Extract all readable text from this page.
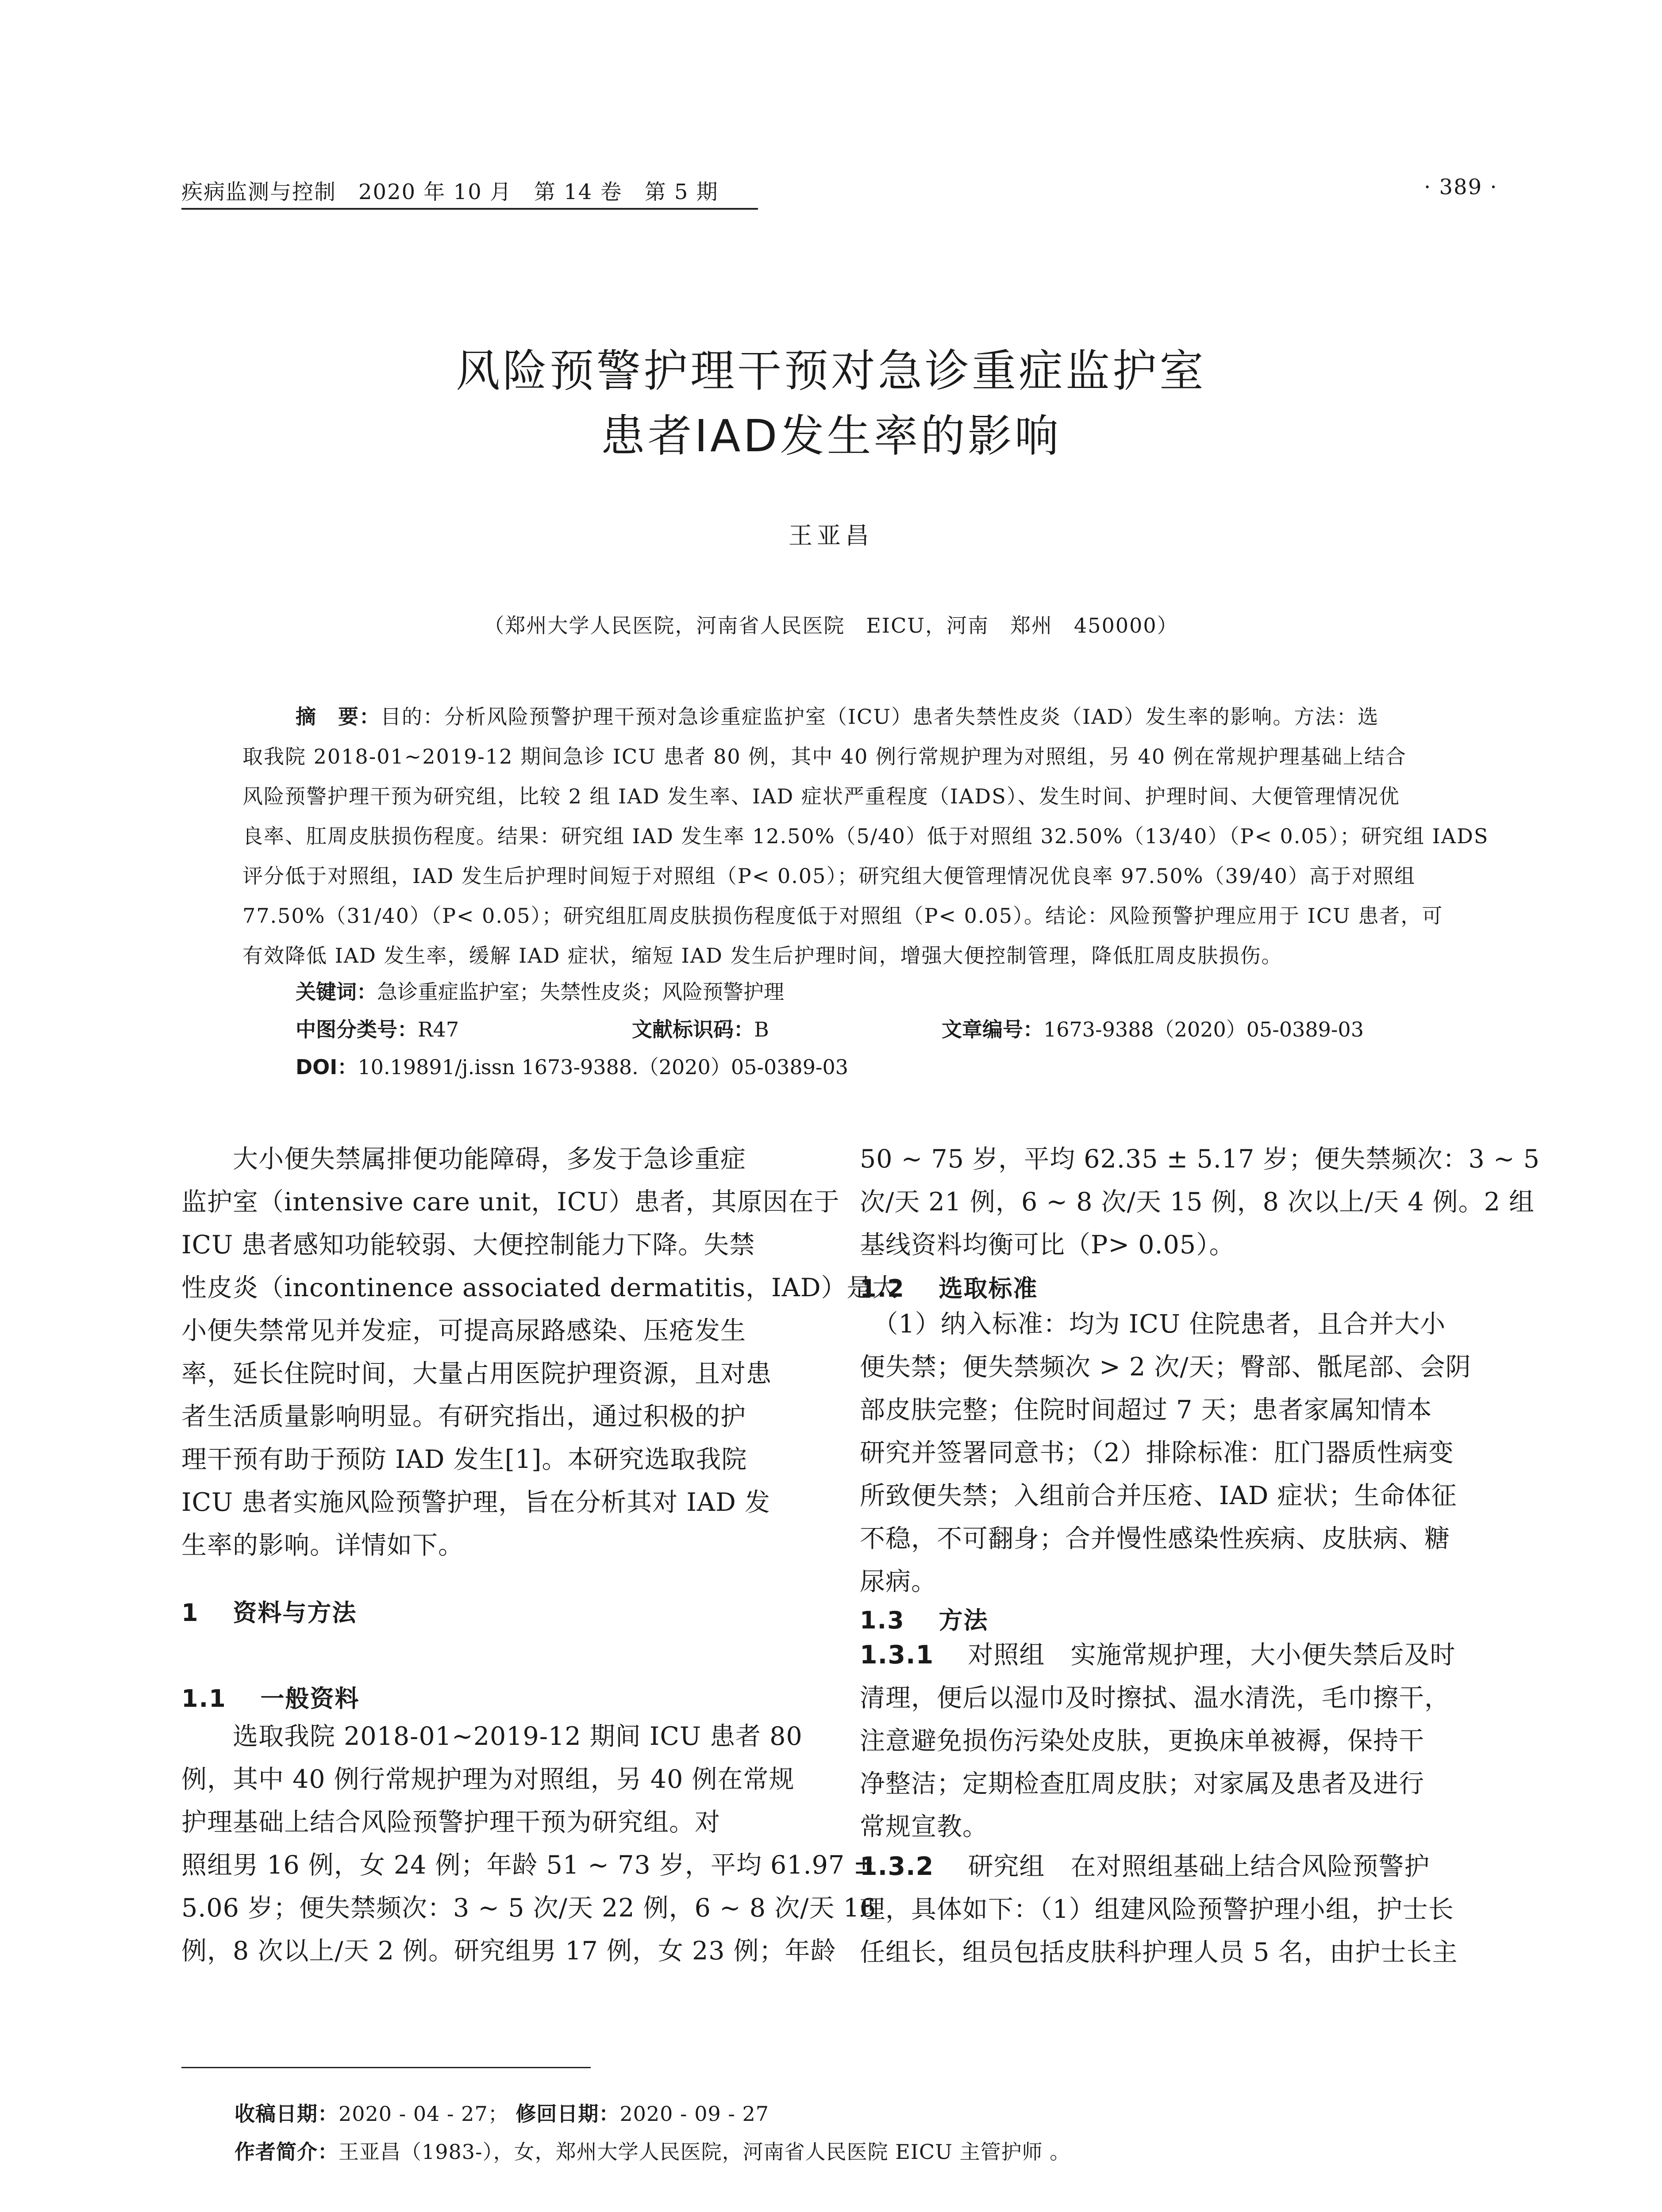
疾病监测与控制　2020 年 10 月　第 14 卷　第 5 期	· 389 ·
风险预警护理干预对急诊重症监护室
患者IAD发生率的影响
王亚昌
（郑州大学人民医院，河南省人民医院　EICU，河南　郑州　450000）
摘　要：目的：分析风险预警护理干预对急诊重症监护室（ICU）患者失禁性皮炎（IAD）发生率的影响。方法：选
取我院 2018-01~2019-12 期间急诊 ICU 患者 80 例，其中 40 例行常规护理为对照组，另 40 例在常规护理基础上结合
风险预警护理干预为研究组，比较 2 组 IAD 发生率、IAD 症状严重程度（IADS）、发生时间、护理时间、大便管理情况优
良率、肛周皮肤损伤程度。结果：研究组 IAD 发生率 12.50%（5/40）低于对照组 32.50%（13/40）（P< 0.05）；研究组 IADS
评分低于对照组，IAD 发生后护理时间短于对照组（P< 0.05）；研究组大便管理情况优良率 97.50%（39/40）高于对照组
77.50%（31/40）（P< 0.05）；研究组肛周皮肤损伤程度低于对照组（P< 0.05）。结论：风险预警护理应用于 ICU 患者，可
有效降低 IAD 发生率，缓解 IAD 症状，缩短 IAD 发生后护理时间，增强大便控制管理，降低肛周皮肤损伤。
关键词：急诊重症监护室；失禁性皮炎；风险预警护理
中图分类号：R47	文献标识码：B	文章编号：1673-9388（2020）05-0389-03
DOI：10.19891/j.issn 1673-9388.（2020）05-0389-03
　　大小便失禁属排便功能障碍，多发于急诊重症
监护室（intensive care unit，ICU）患者，其原因在于
ICU 患者感知功能较弱、大便控制能力下降。失禁
性皮炎（incontinence associated dermatitis，IAD）是大
小便失禁常见并发症，可提高尿路感染、压疮发生
率，延长住院时间，大量占用医院护理资源，且对患
者生活质量影响明显。有研究指出，通过积极的护
理干预有助于预防 IAD 发生[1]。本研究选取我院
ICU 患者实施风险预警护理，旨在分析其对 IAD 发
生率的影响。详情如下。
1　 资料与方法
1.1　 一般资料
　　选取我院 2018-01~2019-12 期间 ICU 患者 80
例，其中 40 例行常规护理为对照组，另 40 例在常规
护理基础上结合风险预警护理干预为研究组。对
照组男 16 例，女 24 例；年龄 51 ~ 73 岁，平均 61.97 ±
5.06 岁；便失禁频次：3 ~ 5 次/天 22 例，6 ~ 8 次/天 16
例，8 次以上/天 2 例。研究组男 17 例，女 23 例；年龄
50 ~ 75 岁，平均 62.35 ± 5.17 岁；便失禁频次：3 ~ 5
次/天 21 例，6 ~ 8 次/天 15 例，8 次以上/天 4 例。2 组
基线资料均衡可比（P> 0.05）。
1.2　 选取标准
　（1）纳入标准：均为 ICU 住院患者，且合并大小
便失禁；便失禁频次 > 2 次/天；臀部、骶尾部、会阴
部皮肤完整；住院时间超过 7 天；患者家属知情本
研究并签署同意书；（2）排除标准：肛门器质性病变
所致便失禁；入组前合并压疮、IAD 症状；生命体征
不稳，不可翻身；合并慢性感染性疾病、皮肤病、糖
尿病。
1.3　 方法
1.3.1　 对照组　实施常规护理，大小便失禁后及时
清理，便后以湿巾及时擦拭、温水清洗，毛巾擦干，
注意避免损伤污染处皮肤，更换床单被褥，保持干
净整洁；定期检查肛周皮肤；对家属及患者及进行
常规宣教。
1.3.2　 研究组　在对照组基础上结合风险预警护
理，具体如下：（1）组建风险预警护理小组，护士长
任组长，组员包括皮肤科护理人员 5 名，由护士长主
收稿日期：2020 - 04 - 27； 修回日期：2020 - 09 - 27
作者简介：王亚昌（1983-），女，郑州大学人民医院，河南省人民医院 EICU 主管护师 。
